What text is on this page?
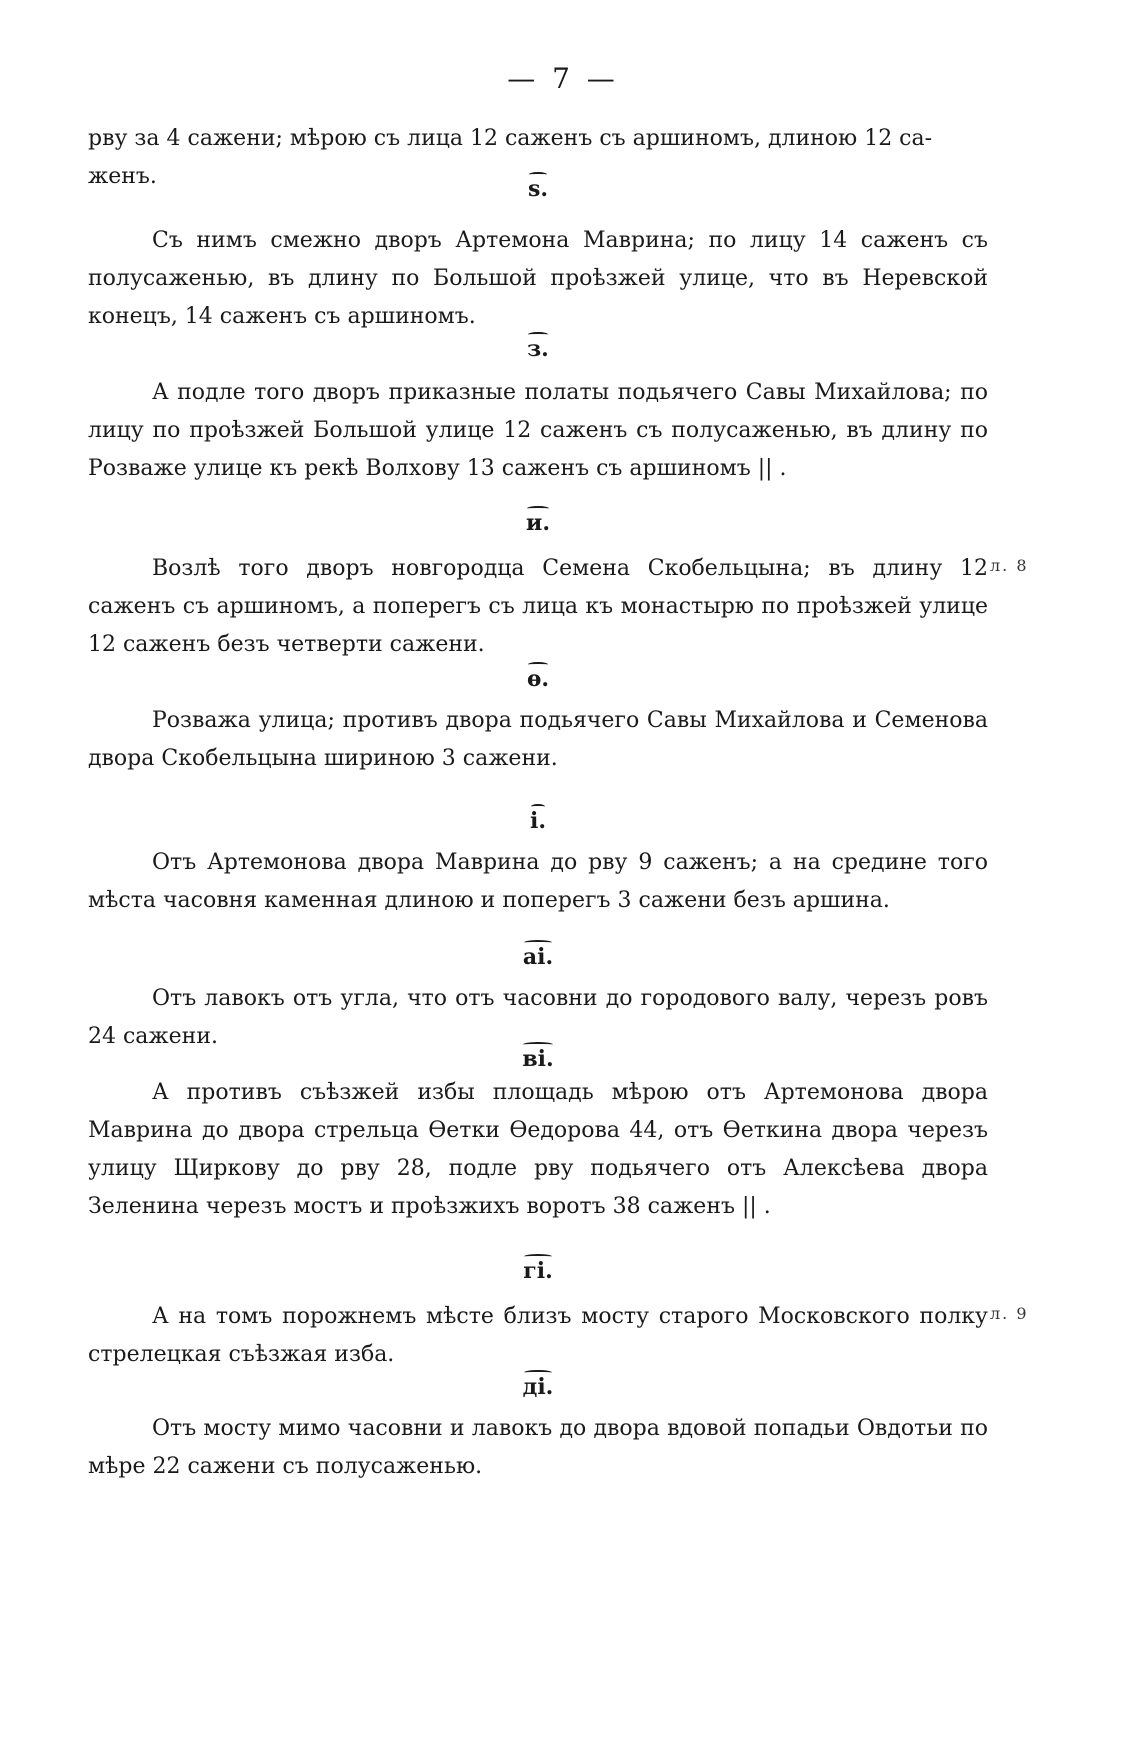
— 7 —

рву за 4 сажени; мѣрою съ лица 12 саженъ съ аршиномъ, длиною 12 са-
женъ.	ѕ.

Съ нимъ смежно дворъ Артемона Маврина; по лицу 14 саженъ съ полусаженью, въ длину по Большой проѣзжей улице, что въ Неревской конецъ, 14 саженъ съ аршиномъ.

з.

А подле того дворъ приказные полаты подьячего Савы Михайлова; по лицу по проѣзжей Большой улице 12 саженъ съ полусаженью, въ длину по Розваже улице къ рекѣ Волхову 13 саженъ съ аршиномъ || .

и.

Возлѣ того дворъ новгородца Семена Скобельцына; въ длину 12 саженъ съ аршиномъ, а поперегъ съ лица къ монастырю по проѣзжей улице 12 саженъ безъ четверти сажени.

л. 8
ѳ.

Розважа улица; противъ двора подьячего Савы Михайлова и Семенова двора Скобельцына шириною 3 сажени.

і.

Отъ Артемонова двора Маврина до рву 9 саженъ; а на средине того мѣста часовня каменная длиною и поперегъ 3 сажени безъ аршина.

аі.

Отъ лавокъ отъ угла, что отъ часовни до городового валу, черезъ ровъ 24 сажени.

ві.

А противъ съѣзжей избы площадь мѣрою отъ Артемонова двора Маврина до двора стрельца Ѳетки Ѳедорова 44, отъ Ѳеткина двора черезъ улицу Щиркову до рву 28, подле рву подьячего отъ Алексѣева двора Зеленина черезъ мостъ и проѣзжихъ воротъ 38 саженъ || .

гі.

А на томъ порожнемъ мѣсте близъ мосту старого Московского полку стрелецкая съѣзжая изба.

л. 9
ді.

Отъ мосту мимо часовни и лавокъ до двора вдовой попадьи Овдотьи по мѣре 22 сажени съ полусаженью.
